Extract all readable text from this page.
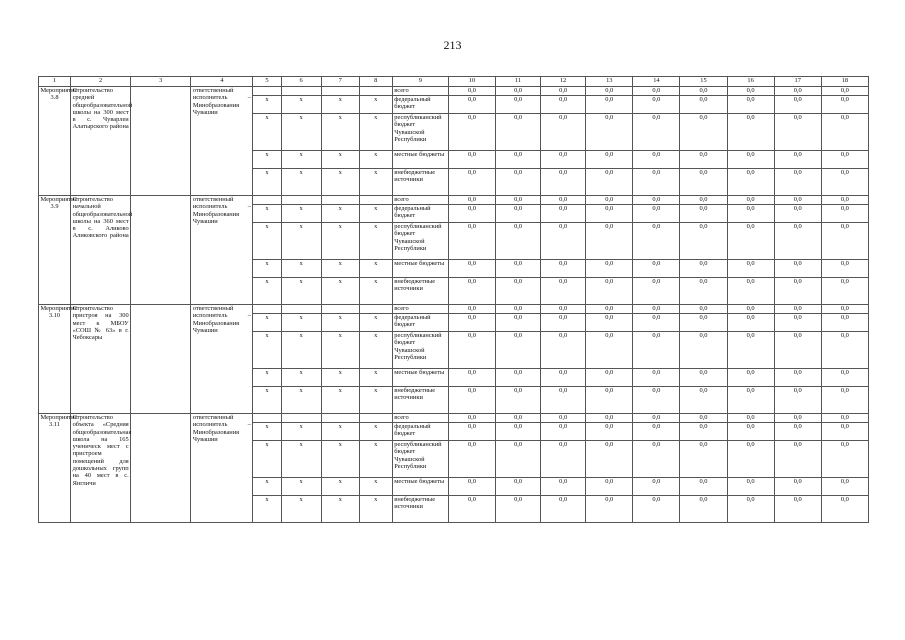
213
1	2	3	4	5	6	7	8	9	10	11	12	13	14	15	16	17	18
Мероприятие 3.8	Строительство средней общеобразовательной школы на 300 мест в с. Чуварлеи Алатырского района		ответственный исполнитель – Минобразования Чувашии					всего	0,0	0,0	0,0	0,0	0,0	0,0	0,0	0,0	0,0
				х	х	х	х	федеральный бюджет	0,0	0,0	0,0	0,0	0,0	0,0	0,0	0,0	0,0
				х	х	х	х	республиканский бюджет Чувашской Республики	0,0	0,0	0,0	0,0	0,0	0,0	0,0	0,0	0,0
				х	х	х	х	местные бюджеты	0,0	0,0	0,0	0,0	0,0	0,0	0,0	0,0	0,0
				х	х	х	х	внебюджетные источники	0,0	0,0	0,0	0,0	0,0	0,0	0,0	0,0	0,0
Мероприятие 3.9	Строительство начальной общеобразовательной школы на 360 мест в с. Аликово Аликовского района		ответственный исполнитель – Минобразования Чувашии					всего	0,0	0,0	0,0	0,0	0,0	0,0	0,0	0,0	0,0
				х	х	х	х	федеральный бюджет	0,0	0,0	0,0	0,0	0,0	0,0	0,0	0,0	0,0
				х	х	х	х	республиканский бюджет Чувашской Республики	0,0	0,0	0,0	0,0	0,0	0,0	0,0	0,0	0,0
				х	х	х	х	местные бюджеты	0,0	0,0	0,0	0,0	0,0	0,0	0,0	0,0	0,0
				х	х	х	х	внебюджетные источники	0,0	0,0	0,0	0,0	0,0	0,0	0,0	0,0	0,0
Мероприятие 3.10	Строительство пристроя на 300 мест к МБОУ «СОШ № 63» в г. Чебоксары		ответственный исполнитель – Минобразования Чувашии					всего	0,0	0,0	0,0	0,0	0,0	0,0	0,0	0,0	0,0
				х	х	х	х	федеральный бюджет	0,0	0,0	0,0	0,0	0,0	0,0	0,0	0,0	0,0
				х	х	х	х	республиканский бюджет Чувашской Республики	0,0	0,0	0,0	0,0	0,0	0,0	0,0	0,0	0,0
				х	х	х	х	местные бюджеты	0,0	0,0	0,0	0,0	0,0	0,0	0,0	0,0	0,0
				х	х	х	х	внебюджетные источники	0,0	0,0	0,0	0,0	0,0	0,0	0,0	0,0	0,0
Мероприятие 3.11	Строительство объекта «Средняя общеобразовательная школа на 165 ученическ мест с пристроем помещений для дошкольных групп на 40 мест в с. Янгличи		ответственный исполнитель – Минобразования Чувашии					всего	0,0	0,0	0,0	0,0	0,0	0,0	0,0	0,0	0,0
				х	х	х	х	федеральный бюджет	0,0	0,0	0,0	0,0	0,0	0,0	0,0	0,0	0,0
				х	х	х	х	республиканский бюджет Чувашской Республики	0,0	0,0	0,0	0,0	0,0	0,0	0,0	0,0	0,0
				х	х	х	х	местные бюджеты	0,0	0,0	0,0	0,0	0,0	0,0	0,0	0,0	0,0
				х	х	х	х	внебюджетные источники	0,0	0,0	0,0	0,0	0,0	0,0	0,0	0,0	0,0
